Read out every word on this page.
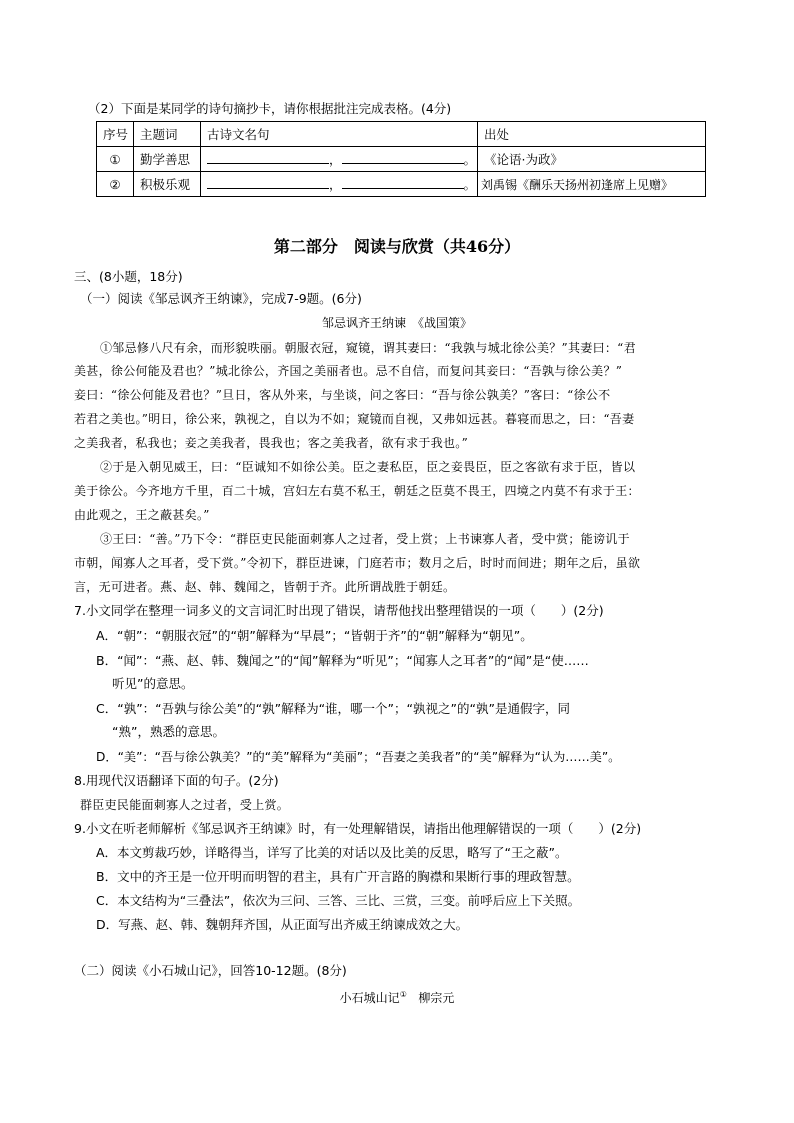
（2）下面是某同学的诗句摘抄卡，请你根据批注完成表格。(4分)
序号	主题词	古诗文名句	出处
①	勤学善思	， 。	《论语·为政》
②	积极乐观	， 。	刘禹锡《酬乐天扬州初逢席上见赠》
第二部分　阅读与欣赏（共46分）
三、(8小题，18分)
（一）阅读《邹忌讽齐王纳谏》，完成7-9题。(6分)
邹忌讽齐王纳谏　《战国策》
①邹忌修八尺有余，而形貌昳丽。朝服衣冠，窥镜，谓其妻曰：“我孰与城北徐公美？”其妻曰：“君
美甚，徐公何能及君也？”城北徐公，齐国之美丽者也。忌不自信，而复问其妾曰：“吾孰与徐公美？”
妾曰：“徐公何能及君也？”旦日，客从外来，与坐谈，问之客曰：“吾与徐公孰美？”客曰：“徐公不
若君之美也。”明日，徐公来，孰视之，自以为不如；窥镜而自视，又弗如远甚。暮寝而思之，曰：“吾妻
之美我者，私我也；妾之美我者，畏我也；客之美我者，欲有求于我也。”
②于是入朝见威王，曰：“臣诚知不如徐公美。臣之妻私臣，臣之妾畏臣，臣之客欲有求于臣，皆以
美于徐公。今齐地方千里，百二十城，宫妇左右莫不私王，朝廷之臣莫不畏王，四境之内莫不有求于王：
由此观之，王之蔽甚矣。”
③王曰：“善。”乃下令：“群臣吏民能面刺寡人之过者，受上赏；上书谏寡人者，受中赏；能谤讥于
市朝，闻寡人之耳者，受下赏。”令初下，群臣进谏，门庭若市；数月之后，时时而间进；期年之后，虽欲
言，无可进者。燕、赵、韩、魏闻之，皆朝于齐。此所谓战胜于朝廷。
7.小文同学在整理一词多义的文言词汇时出现了错误，请帮他找出整理错误的一项（　　）(2分)
A．“朝”：“朝服衣冠”的“朝”解释为“早晨”；“皆朝于齐”的“朝”解释为“朝见”。
B．“闻”：“燕、赵、韩、魏闻之”的“闻”解释为“听见”；“闻寡人之耳者”的“闻”是“使……
听见”的意思。
C．“孰”：“吾孰与徐公美”的“孰”解释为“谁，哪一个”；“孰视之”的“孰”是通假字，同
“熟”，熟悉的意思。
D．“美”：“吾与徐公孰美？”的“美”解释为“美丽”；“吾妻之美我者”的“美”解释为“认为……美”。
8.用现代汉语翻译下面的句子。(2分)
群臣吏民能面刺寡人之过者，受上赏。
9.小文在听老师解析《邹忌讽齐王纳谏》时，有一处理解错误，请指出他理解错误的一项（　　）(2分)
A．本文剪裁巧妙，详略得当，详写了比美的对话以及比美的反思，略写了“王之蔽”。
B．文中的齐王是一位开明而明智的君主，具有广开言路的胸襟和果断行事的理政智慧。
C．本文结构为“三叠法”，依次为三问、三答、三比、三赏，三变。前呼后应上下关照。
D．写燕、赵、韩、魏朝拜齐国，从正面写出齐威王纳谏成效之大。
（二）阅读《小石城山记》，回答10-12题。(8分)
小石城山记① 柳宗元
